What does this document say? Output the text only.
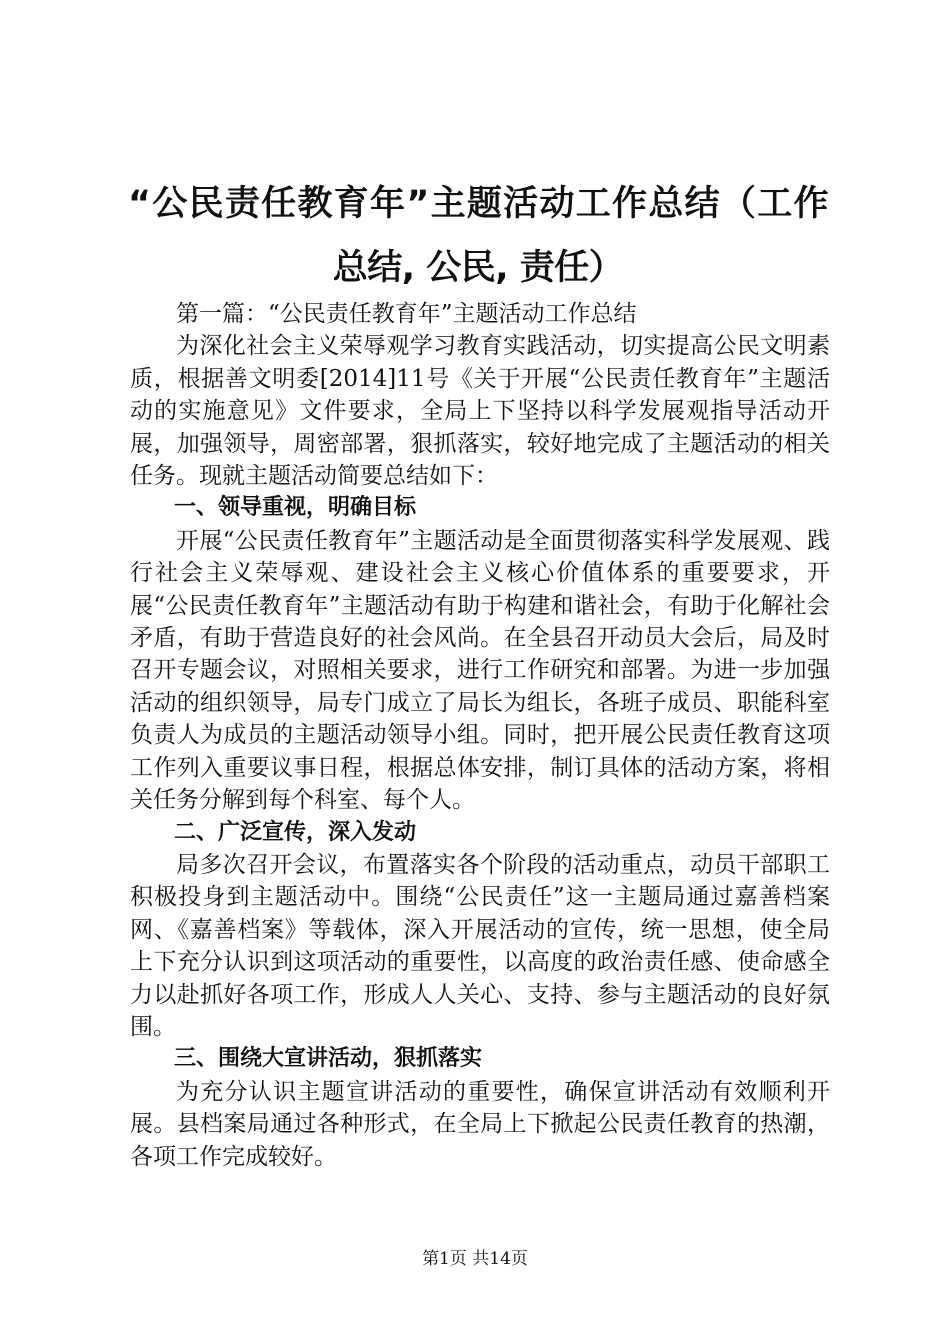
“公民责任教育年”主题活动工作总结（工作总结, 公民, 责任）

第一篇：“公民责任教育年”主题活动工作总结

为深化社会主义荣辱观学习教育实践活动，切实提高公民文明素质，根据善文明委[2014]11号《关于开展“公民责任教育年”主题活动的实施意见》文件要求，全局上下坚持以科学发展观指导活动开展，加强领导，周密部署，狠抓落实，较好地完成了主题活动的相关任务。现就主题活动简要总结如下：

一、领导重视，明确目标

开展“公民责任教育年”主题活动是全面贯彻落实科学发展观、践行社会主义荣辱观、建设社会主义核心价值体系的重要要求，开展“公民责任教育年”主题活动有助于构建和谐社会，有助于化解社会矛盾，有助于营造良好的社会风尚。在全县召开动员大会后，局及时召开专题会议，对照相关要求，进行工作研究和部署。为进一步加强活动的组织领导，局专门成立了局长为组长，各班子成员、职能科室负责人为成员的主题活动领导小组。同时，把开展公民责任教育这项工作列入重要议事日程，根据总体安排，制订具体的活动方案，将相关任务分解到每个科室、每个人。

二、广泛宣传，深入发动

局多次召开会议，布置落实各个阶段的活动重点，动员干部职工积极投身到主题活动中。围绕“公民责任”这一主题局通过嘉善档案网、《嘉善档案》等载体，深入开展活动的宣传，统一思想，使全局上下充分认识到这项活动的重要性，以高度的政治责任感、使命感全力以赴抓好各项工作，形成人人关心、支持、参与主题活动的良好氛围。

三、围绕大宣讲活动，狠抓落实

为充分认识主题宣讲活动的重要性，确保宣讲活动有效顺利开展。县档案局通过各种形式，在全局上下掀起公民责任教育的热潮，各项工作完成较好。

第1页 共14页
